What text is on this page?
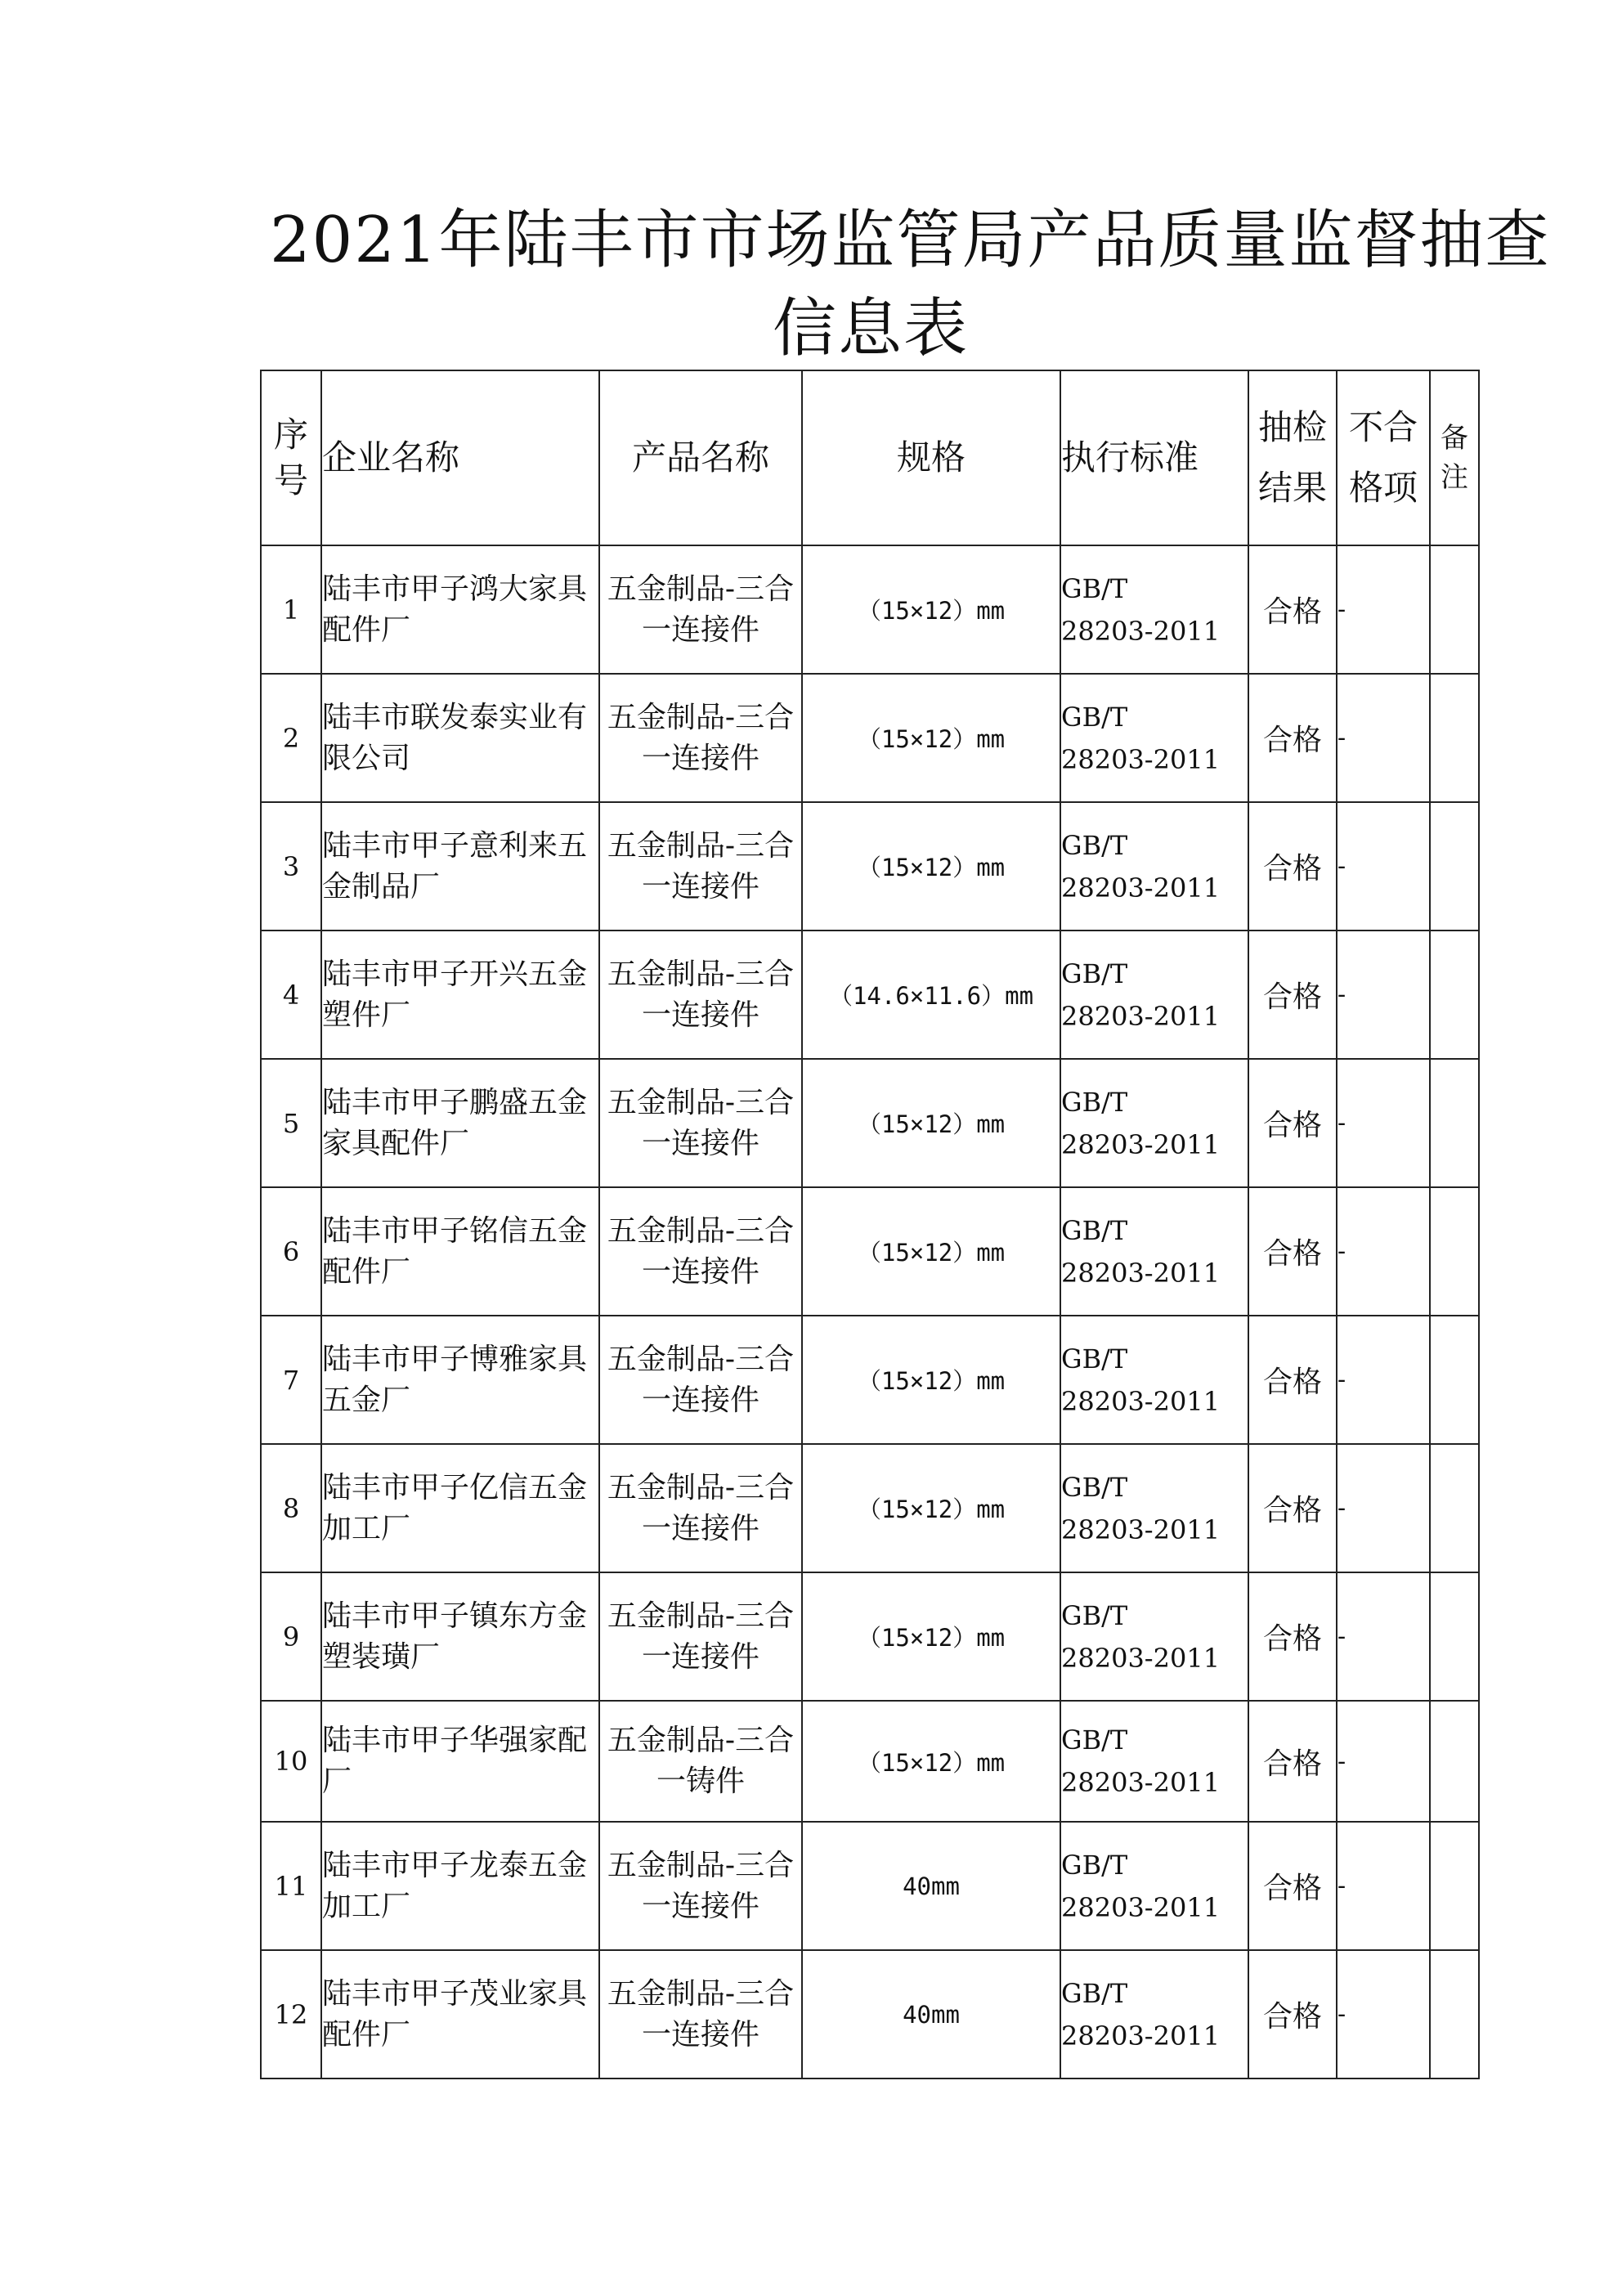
2021年陆丰市市场监管局产品质量监督抽查
信息表
序号	企业名称	产品名称	规格	执行标准	抽检结果	不合格项	备注
1	陆丰市甲子鸿大家具配件厂	五金制品-三合一连接件	（15×12）mm	GB/T
28203-2011	合格	-	
2	陆丰市联发泰实业有限公司	五金制品-三合一连接件	（15×12）mm	GB/T
28203-2011	合格	-	
3	陆丰市甲子意利来五金制品厂	五金制品-三合一连接件	（15×12）mm	GB/T
28203-2011	合格	-	
4	陆丰市甲子开兴五金塑件厂	五金制品-三合一连接件	（14.6×11.6）mm	GB/T
28203-2011	合格	-	
5	陆丰市甲子鹏盛五金家具配件厂	五金制品-三合一连接件	（15×12）mm	GB/T
28203-2011	合格	-	
6	陆丰市甲子铭信五金配件厂	五金制品-三合一连接件	（15×12）mm	GB/T
28203-2011	合格	-	
7	陆丰市甲子博雅家具五金厂	五金制品-三合一连接件	（15×12）mm	GB/T
28203-2011	合格	-	
8	陆丰市甲子亿信五金加工厂	五金制品-三合一连接件	（15×12）mm	GB/T
28203-2011	合格	-	
9	陆丰市甲子镇东方金塑装璜厂	五金制品-三合一连接件	（15×12）mm	GB/T
28203-2011	合格	-	
10	陆丰市甲子华强家配厂	五金制品-三合一铸件	（15×12）mm	GB/T
28203-2011	合格	-	
11	陆丰市甲子龙泰五金加工厂	五金制品-三合一连接件	40mm	GB/T
28203-2011	合格	-	
12	陆丰市甲子茂业家具配件厂	五金制品-三合一连接件	40mm	GB/T
28203-2011	合格	-	
